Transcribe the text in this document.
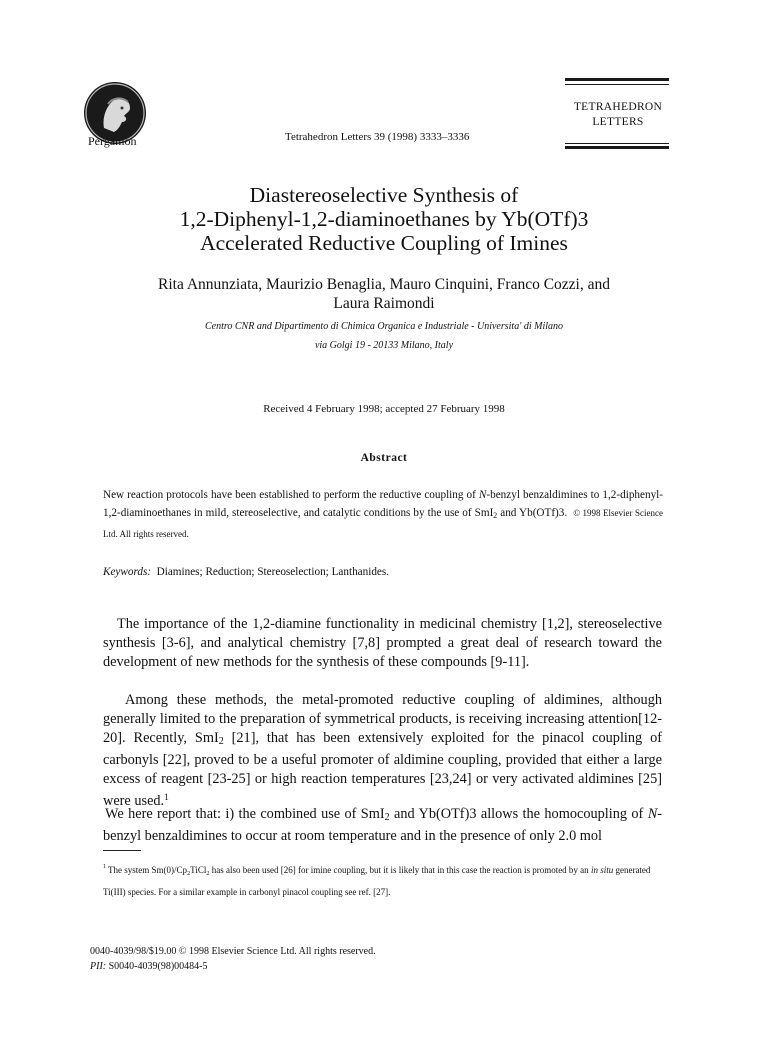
Pergamon	Tetrahedron Letters 39 (1998) 3333–3336
TETRAHEDRON
LETTERS
Diastereoselective Synthesis of
1,2-Diphenyl-1,2-diaminoethanes by Yb(OTf)3
Accelerated Reductive Coupling of Imines
Rita Annunziata, Maurizio Benaglia, Mauro Cinquini, Franco Cozzi, and
Laura Raimondi
Centro CNR and Dipartimento di Chimica Organica e Industriale - Universita' di Milano
via Golgi 19 - 20133 Milano, Italy
Received 4 February 1998; accepted 27 February 1998
Abstract
New reaction protocols have been established to perform the reductive coupling of N-benzyl benzaldimines to 1,2-diphenyl-1,2-diaminoethanes in mild, stereoselective, and catalytic conditions by the use of SmI$_2$ and Yb(OTf)3. © 1998 Elsevier Science Ltd. All rights reserved.
Keywords: Diamines; Reduction; Stereoselection; Lanthanides.
The importance of the 1,2-diamine functionality in medicinal chemistry [1,2], stereoselective synthesis [3-6], and analytical chemistry [7,8] prompted a great deal of research toward the development of new methods for the synthesis of these compounds [9-11].
Among these methods, the metal-promoted reductive coupling of aldimines, although generally limited to the preparation of symmetrical products, is receiving increasing attention[12-20]. Recently, SmI$_2$ [21], that has been extensively exploited for the pinacol coupling of carbonyls [22], proved to be a useful promoter of aldimine coupling, provided that either a large excess of reagent [23-25] or high reaction temperatures [23,24] or very activated aldimines [25] were used.$^1$
We here report that: i) the combined use of SmI$_2$ and Yb(OTf)3 allows the homocoupling of N-benzyl benzaldimines to occur at room temperature and in the presence of only 2.0 mol
$^1$ The system $Sm(0)/Cp_2TiCl_2$ has also been used [26] for imine coupling, but it is likely that in this case the reaction is promoted by an in situ generated Ti(III) species. For a similar example in carbonyl pinacol coupling see ref. [27].
0040-4039/98/$19.00 © 1998 Elsevier Science Ltd. All rights reserved.
PII: S0040-4039(98)00484-5
